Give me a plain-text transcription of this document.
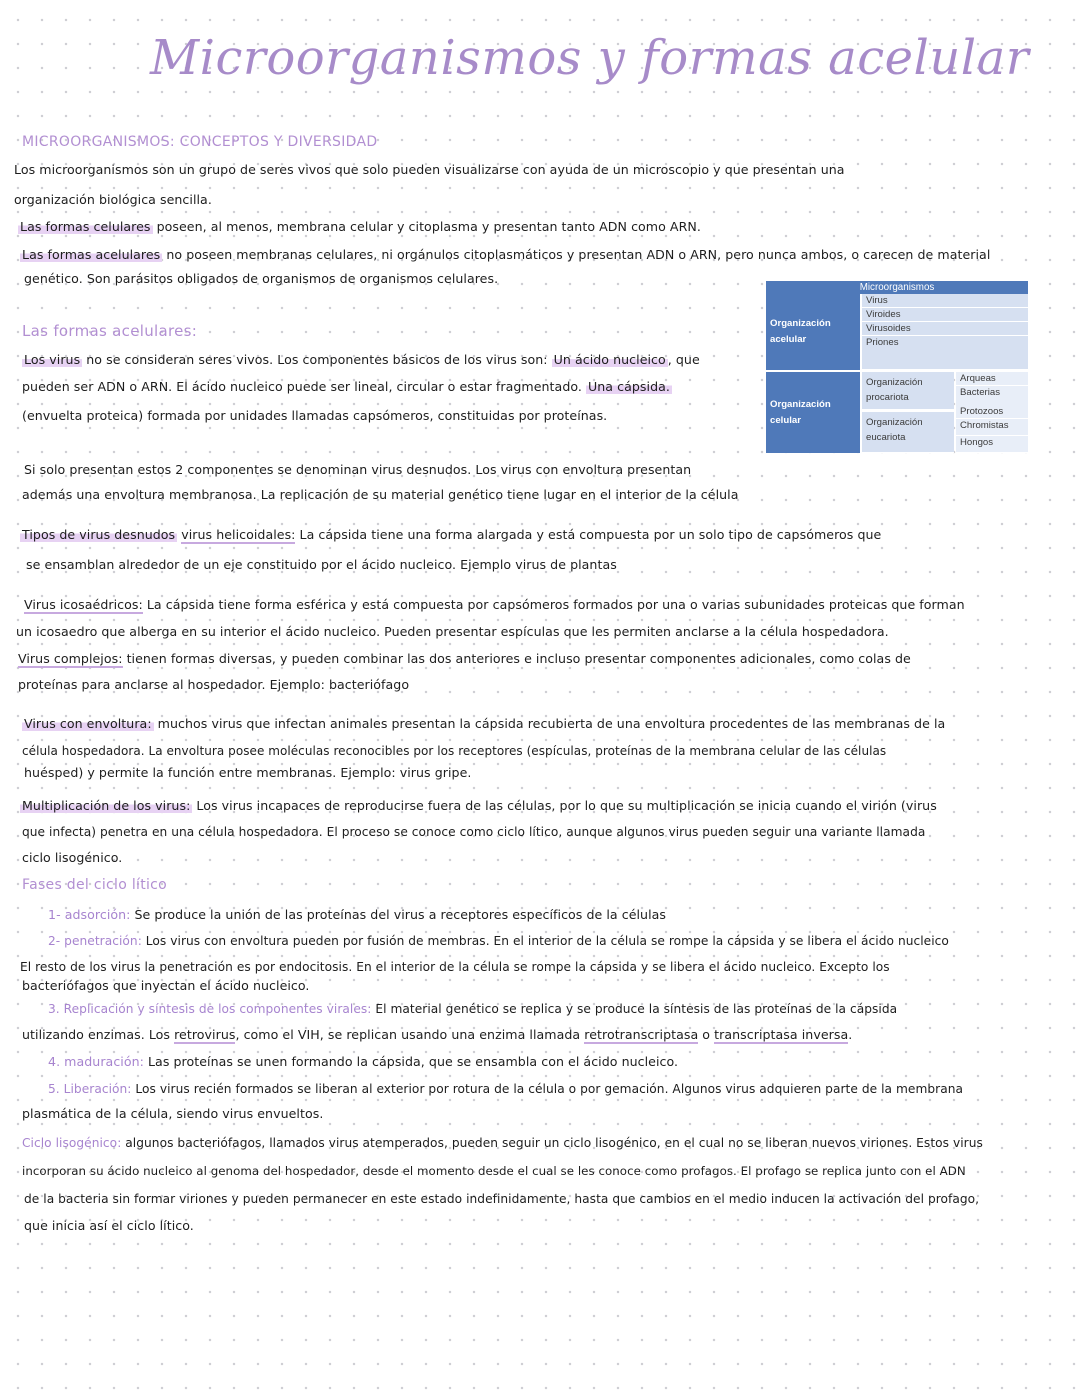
Microorganismos y formas acelular
MICROORGANISMOS: CONCEPTOS Y DIVERSIDAD
Los microorganismos son un grupo de seres vivos que solo pueden visualizarse con ayuda de un microscopio y que presentan una
organización biológica sencilla.
Las formas celulares poseen, al menos, membrana celular y citoplasma y presentan tanto ADN como ARN.
Las formas acelulares no poseen membranas celulares, ni orgánulos citoplasmáticos y presentan ADN o ARN, pero nunca ambos, o carecen de material
genético. Son parásitos obligados de organismos de organismos celulares.
Las formas acelulares:
Los virus no se consideran seres vivos. Los componentes básicos de los virus son: Un ácido nucleico , que
pueden ser ADN o ARN. El ácido nucleico puede ser lineal, circular o estar fragmentado. Una cápsida.
(envuelta proteica) formada por unidades llamadas capsómeros, constituidas por proteínas.
Si solo presentan estos 2 componentes se denominan virus desnudos. Los virus con envoltura presentan
además una envoltura membranosa. La replicación de su material genético tiene lugar en el interior de la célula
Microorganismos
Organización acelular
Virus
Viroides
Virusoides
Priones
Organización celular
Organización procariota
Arqueas
Bacterias
Organización eucariota
Protozoos
Chromistas
Hongos
Tipos de virus desnudos virus helicoidales: La cápsida tiene una forma alargada y está compuesta por un solo tipo de capsómeros que
se ensamblan alrededor de un eje constituido por el ácido nucleico. Ejemplo virus de plantas
Virus icosaédricos: La cápsida tiene forma esférica y está compuesta por capsómeros formados por una o varias subunidades proteicas que forman
un icosaedro que alberga en su interior el ácido nucleico. Pueden presentar espículas que les permiten anclarse a la célula hospedadora.
Virus complejos: tienen formas diversas, y pueden combinar las dos anteriores e incluso presentar componentes adicionales, como colas de
proteínas para anclarse al hospedador. Ejemplo: bacteriófago
Virus con envoltura: muchos virus que infectan animales presentan la cápsida recubierta de una envoltura procedentes de las membranas de la
célula hospedadora. La envoltura posee moléculas reconocibles por los receptores (espículas, proteínas de la membrana celular de las células
huésped) y permite la función entre membranas. Ejemplo: virus gripe.
Multiplicación de los virus: Los virus incapaces de reproducirse fuera de las células, por lo que su multiplicación se inicia cuando el virión (virus
que infecta) penetra en una célula hospedadora. El proceso se conoce como ciclo lítico, aunque algunos virus pueden seguir una variante llamada
ciclo lisogénico.
Fases del ciclo lítico
1- adsorción: Se produce la unión de las proteínas del virus a receptores específicos de la células
2- penetración: Los virus con envoltura pueden por fusión de membras. En el interior de la célula se rompe la cápsida y se libera el ácido nucleico
El resto de los virus la penetración es por endocitosis. En el interior de la célula se rompe la cápsida y se libera el ácido nucleico. Excepto los
bacteriófagos que inyectan el ácido nucleico.
3. Replicación y síntesis de los componentes virales: El material genético se replica y se produce la síntesis de las proteínas de la cápsida
utilizando enzimas. Los retrovirus, como el VIH, se replican usando una enzima llamada retrotranscriptasa o transcriptasa inversa.
4. maduración: Las proteínas se unen formando la cápsida, que se ensambla con el ácido nucleico.
5. Liberación: Los virus recién formados se liberan al exterior por rotura de la célula o por gemación. Algunos virus adquieren parte de la membrana
plasmática de la célula, siendo virus envueltos.
Ciclo lisogénico: algunos bacteriófagos, llamados virus atemperados, pueden seguir un ciclo lisogénico, en el cual no se liberan nuevos viriones. Estos virus
incorporan su ácido nucleico al genoma del hospedador, desde el momento desde el cual se les conoce como profagos. El profago se replica junto con el ADN
de la bacteria sin formar viriones y pueden permanecer en este estado indefinidamente, hasta que cambios en el medio inducen la activación del profago,
que inicia así el ciclo lítico.
